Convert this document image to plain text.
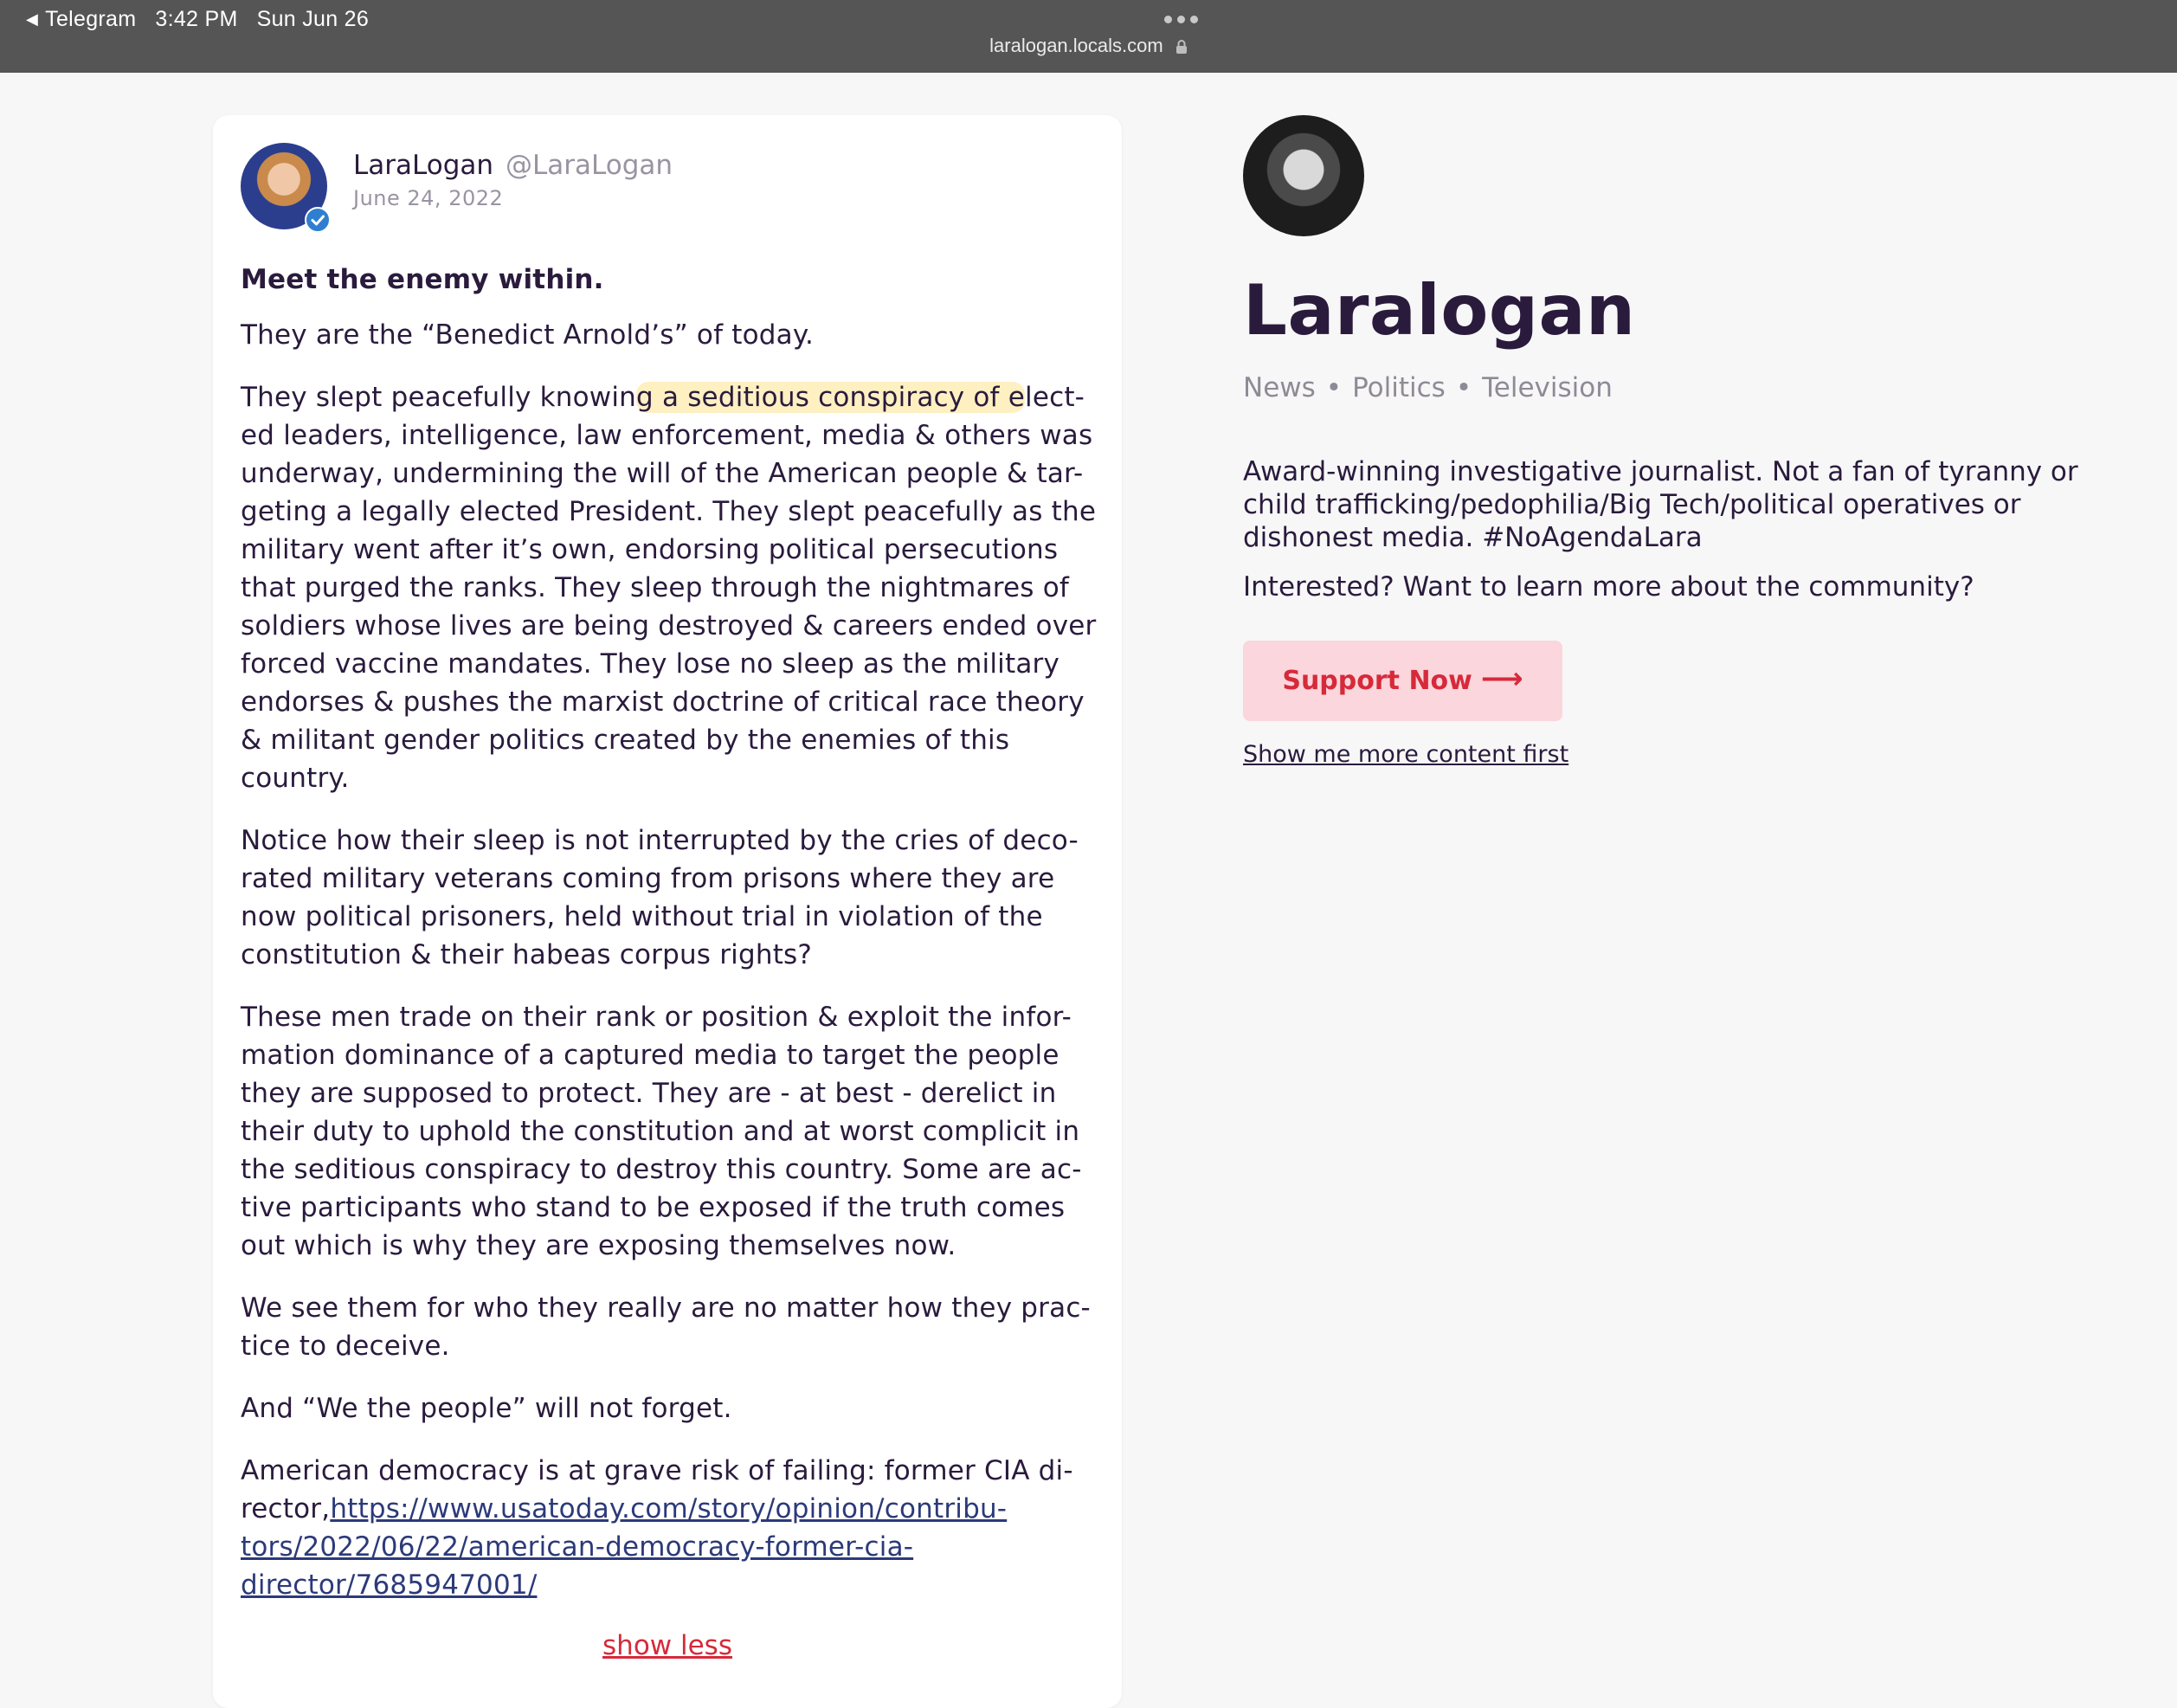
◀ Telegram 3:42 PM Sun Jun 26
laralogan.locals.com
LaraLogan @LaraLogan
June 24, 2022

Meet the enemy within.

They are the “Benedict Arnold’s” of today.

They slept peacefully knowing a seditious conspiracy of elect-ed leaders, intelligence, law enforcement, media & others was underway, undermining the will of the American people & tar-geting a legally elected President. They slept peacefully as the military went after it’s own, endorsing political persecutions that purged the ranks. They sleep through the nightmares of soldiers whose lives are being destroyed & careers ended over forced vaccine mandates. They lose no sleep as the military endorses & pushes the marxist doctrine of critical race theory & militant gender politics created by the enemies of this country.

Notice how their sleep is not interrupted by the cries of deco-rated military veterans coming from prisons where they are now political prisoners, held without trial in violation of the constitution & their habeas corpus rights?

These men trade on their rank or position & exploit the infor-mation dominance of a captured media to target the people they are supposed to protect. They are - at best - derelict in their duty to uphold the constitution and at worst complicit in the seditious conspiracy to destroy this country. Some are ac-tive participants who stand to be exposed if the truth comes out which is why they are exposing themselves now.

We see them for who they really are no matter how they prac-tice to deceive.

And “We the people” will not forget.

American democracy is at grave risk of failing: former CIA di-rector,https://www.usatoday.com/story/opinion/contribu-tors/2022/06/22/american-democracy-former-cia-director/7685947001/

show less
Laralogan
News • Politics • Television
Award-winning investigative journalist. Not a fan of tyranny or child trafficking/pedophilia/Big Tech/political operatives or dishonest media. #NoAgendaLara
Interested? Want to learn more about the community?
Support Now ⟶
Show me more content first
